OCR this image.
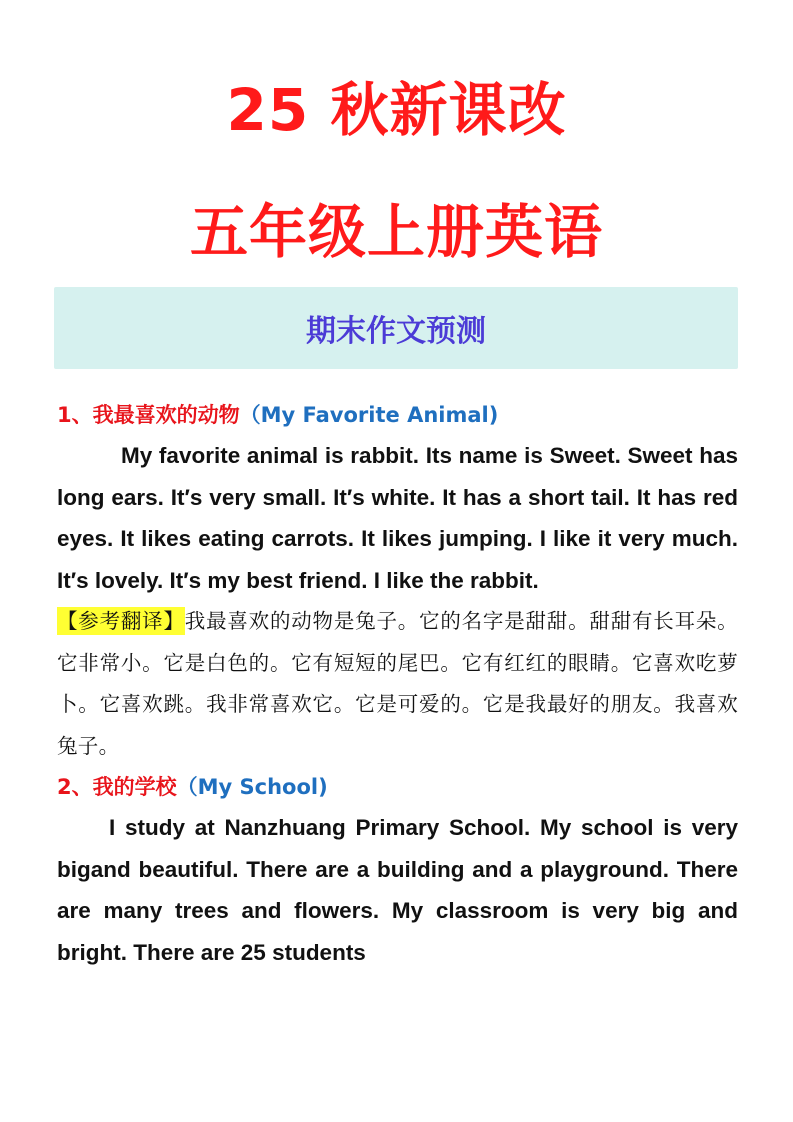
25 秋新课改
五年级上册英语
期末作文预测
1、我最喜欢的动物（My Favorite Animal)

My favorite animal is rabbit. Its name is Sweet. Sweet has long ears. It′s very small. It′s white. It has a short tail. It has red eyes. It likes eating carrots. It likes jumping. I like it very much. It′s lovely. It′s my best friend. I like the rabbit.

【参考翻译】我最喜欢的动物是兔子。它的名字是甜甜。甜甜有长耳朵。它非常小。它是白色的。它有短短的尾巴。它有红红的眼睛。它喜欢吃萝卜。它喜欢跳。我非常喜欢它。它是可爱的。它是我最好的朋友。我喜欢兔子。

2、我的学校（My School)

I study at Nanzhuang Primary School. My school is very bigand beautiful. There are a building and a playground. There are many trees and flowers. My classroom is very big and bright. There are 25 students
